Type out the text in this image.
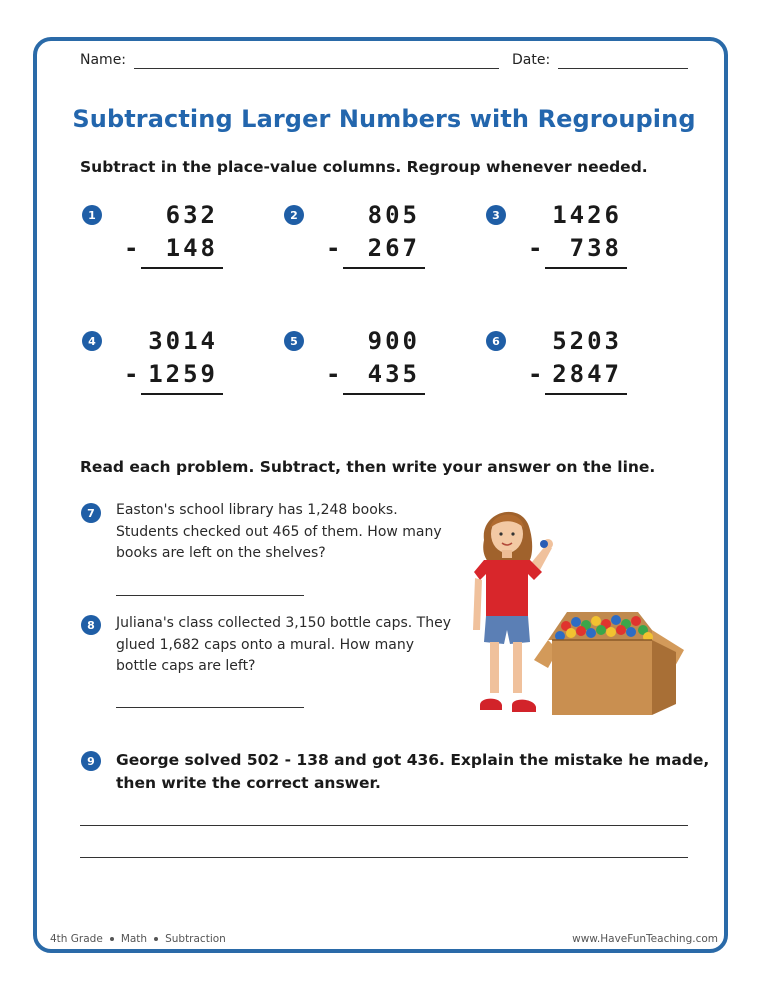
Name:	Date:
Subtracting Larger Numbers with Regrouping
Subtract in the place-value columns. Regroup whenever needed.
1	632
-	148
2	805
-	267
3	1426
-	738
4	3014
- 1259
5	900
-	435
6	5203
- 2847
Read each problem. Subtract, then write your answer on the line.
7	Easton's school library has 1,248 books. Students checked out 465 of them. How many books are left on the shelves?
8	Juliana's class collected 3,150 bottle caps. They glued 1,682 caps onto a mural. How many bottle caps are left?
9	George solved 502 - 138 and got 436. Explain the mistake he made, then write the correct answer.
4th Grade Math Subtraction	www.HaveFunTeaching.com
